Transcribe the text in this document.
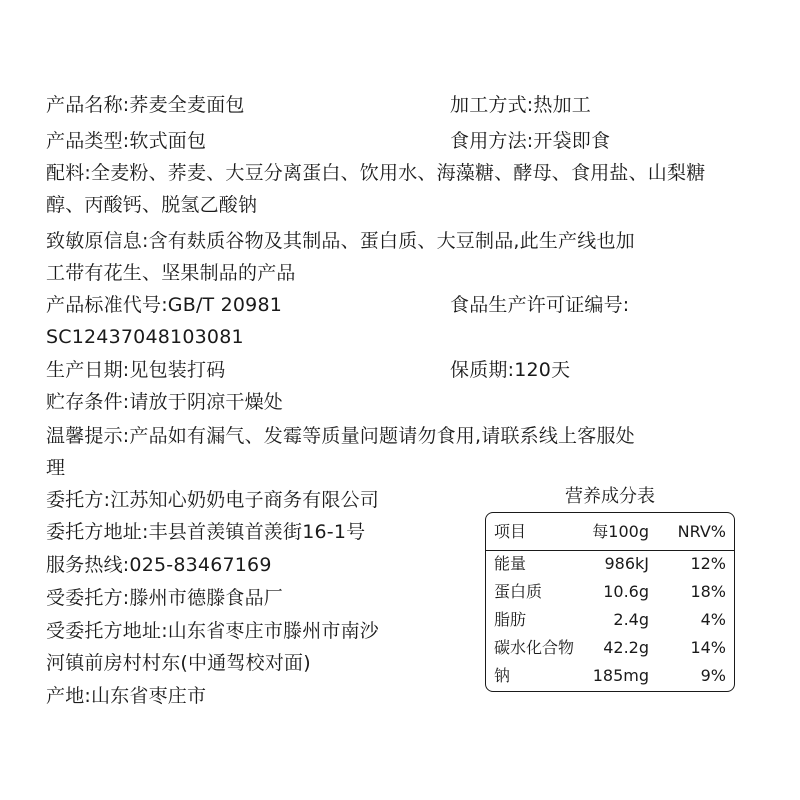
产品名称:荞麦全麦面包	加工方式:热加工
产品类型:软式面包	食用方法:开袋即食
配料:全麦粉、荞麦、大豆分离蛋白、饮用水、海藻糖、酵母、食用盐、山梨糖
醇、丙酸钙、脱氢乙酸钠
致敏原信息:含有麸质谷物及其制品、蛋白质、大豆制品,此生产线也加
工带有花生、坚果制品的产品
产品标准代号:GB/T 20981	食品生产许可证编号:
SC12437048103081
生产日期:见包装打码	保质期:120天
贮存条件:请放于阴凉干燥处
温馨提示:产品如有漏气、发霉等质量问题请勿食用,请联系线上客服处
理
委托方:江苏知心奶奶电子商务有限公司
委托方地址:丰县首羡镇首羡街16-1号
服务热线:025-83467169
受委托方:滕州市德滕食品厂
受委托方地址:山东省枣庄市滕州市南沙
河镇前房村村东(中通驾校对面)
产地:山东省枣庄市
营养成分表
项目	每100g NRV%
能量	986kJ	12%
蛋白质	10.6g	18%
脂肪	2.4g	4%
碳水化合物 42.2g	14%
钠	185mg	9%
